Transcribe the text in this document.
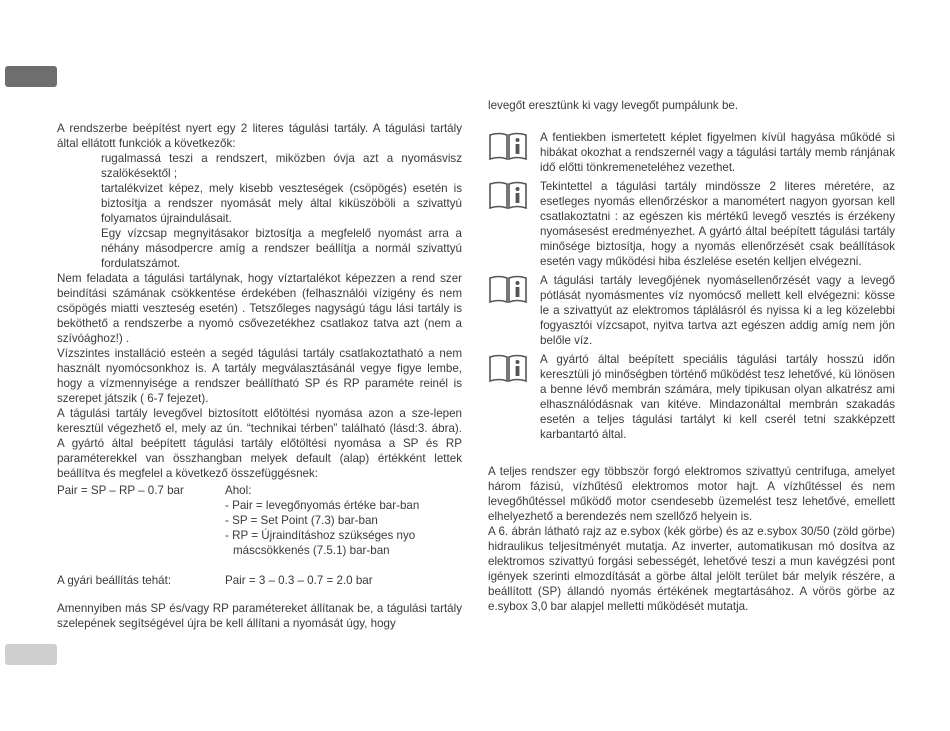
A rendszerbe beépítést nyert egy 2 literes tágulási tartály. A tágulási tartály által ellátott funkciók a következők:

rugalmassá teszi a rendszert, miközben óvja azt a nyomásvisz szalökésektől ;

tartalékvizet képez, mely kisebb veszteségek (csöpögés) esetén is biztosítja a rendszer nyomását mely által kiküszöböli a szivattyú folyamatos újraindulásait.

Egy vízcsap megnyitásakor biztosítja a megfelelő nyomást arra a néhány másodpercre amíg a rendszer beállítja a normál szivattyú fordulatszámot.

Nem feladata a tágulási tartálynak, hogy víztartalékot képezzen a rend szer beindítási számának csökkentése érdekében (felhasználói vízigény és nem csöpögés miatti veszteség esetén) . Tetszőleges nagyságú tágu lási tartály is beköthető a rendszerbe a nyomó csővezetékhez csatlakoz tatva azt (nem a szívóághoz!) .

Vízszintes installáció esteén a segéd tágulási tartály csatlakoztatható a nem használt nyomócsonkhoz is. A tartály megválasztásánál vegye figye lembe, hogy a vízmennyisége a rendszer beállítható SP és RP paraméte reinél is szerepet játszik ( 6-7 fejezet).

A tágulási tartály levegővel biztosított előtöltési nyomása azon a sze-lepen keresztül végezhető el, mely az ún. “technikai térben” található (lásd:3. ábra). A gyártó által beépített tágulási tartály előtöltési nyomása a SP és RP paraméterekkel van összhangban melyek default (alap) értékként lettek beállítva és megfelel a következő összefüggésnek:

Pair = SP – RP – 0.7 bar	Ahol:
- Pair = levegőnyomás értéke bar-ban
- SP = Set Point (7.3) bar-ban
- RP = Újraindításhoz szükséges nyo
máscsökkenés (7.5.1) bar-ban
A gyári beállítás tehát:	Pair = 3 – 0.3 – 0.7 = 2.0 bar

Amennyiben más SP és/vagy RP paramétereket állítanak be, a tágulási tartály szelepének segítségével újra be kell állítani a nyomását úgy, hogy

levegőt eresztünk ki vagy levegőt pumpálunk be.

A fentiekben ismertetett képlet figyelmen kívül hagyása működé si hibákat okozhat a rendszernél vagy a tágulási tartály memb ránjának idő előtti tönkremeneteléhez vezethet.
Tekintettel a tágulási tartály mindössze 2 literes méretére, az esetleges nyomás ellenőrzéskor a manométert nagyon gyorsan kell csatlakoztatni : az egészen kis mértékű levegő vesztés is érzékeny nyomásesést eredményezhet. A gyártó által beépített tágulási tartály minősége biztosítja, hogy a nyomás ellenőrzését csak beállítások esetén vagy működési hiba észlelése esetén kelljen elvégezni.
A tágulási tartály levegőjének nyomásellenőrzését vagy a levegő pótlását nyomásmentes víz nyomócső mellett kell elvégezni: kösse le a szivattyút az elektromos táplálásról és nyissa ki a leg közelebbi fogyasztói vízcsapot, nyitva tartva azt egészen addig amíg nem jön belőle víz.
A gyártó által beépített speciális tágulási tartály hosszú időn keresztüli jó minőségben történő működést tesz lehetővé, kü lönösen a benne lévő membrán számára, mely tipikusan olyan alkatrész ami elhasználódásnak van kitéve. Mindazonáltal membrán szakadás esetén a teljes tágulási tartályt ki kell cserél tetni szakképzett karbantartó által.

A teljes rendszer egy többször forgó elektromos szivattyú centrifuga, amelyet három fázisú, vízhűtésű elektromos motor hajt. A vízhűtéssel és nem levegőhűtéssel működő motor csendesebb üzemelést tesz lehetővé, emellett elhelyezhető a berendezés nem szellőző helyein is.

A 6. ábrán látható rajz az e.sybox (kék görbe) és az e.sybox 30/50 (zöld görbe) hidraulikus teljesítményét mutatja. Az inverter, automatikusan mó dosítva az elektromos szivattyú forgási sebességét, lehetővé teszi a mun kavégzési pont igények szerinti elmozdítását a görbe által jelölt terület bár melyik részére, a beállított (SP) állandó nyomás értékének megtartásához. A vörös görbe az e.sybox 3,0 bar alapjel melletti működését mutatja.
